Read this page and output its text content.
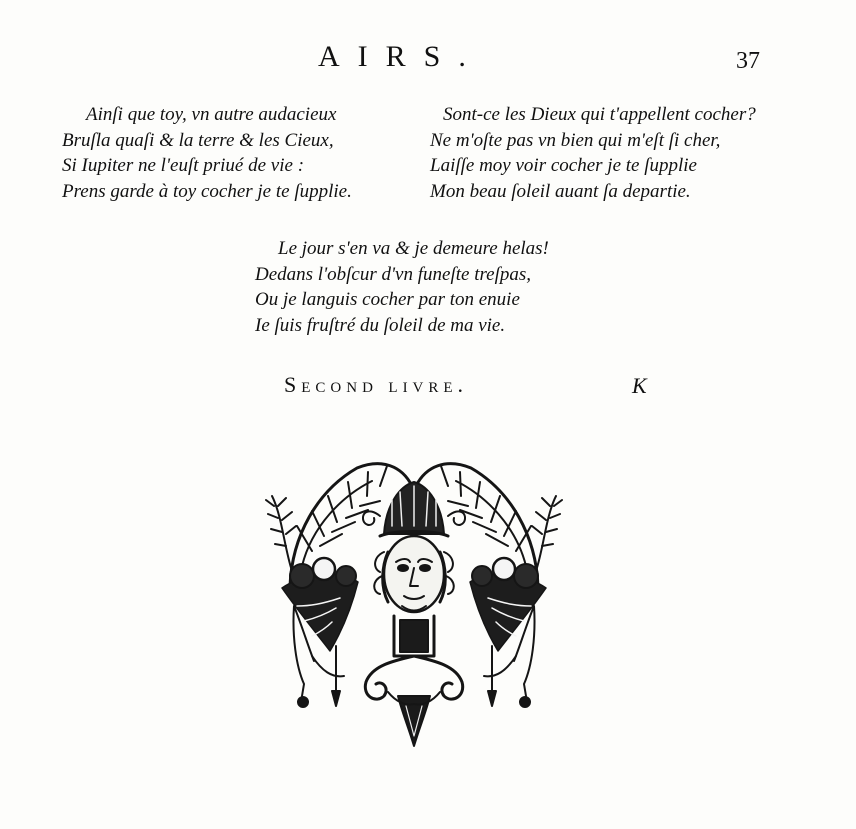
AIRS.	37
Ainſi que toy, vn autre audacieux
Bruſla quaſi & la terre & les Cieux,
Si Iupiter ne l'euſt priué de vie :
Prens garde à toy cocher je te ſupplie.
Sont-ce les Dieux qui t'appellent cocher?
Ne m'oſte pas vn bien qui m'eſt ſi cher,
Laiſſe moy voir cocher je te ſupplie
Mon beau ſoleil auant ſa departie.
Le jour s'en va & je demeure helas!
Dedans l'obſcur d'vn funeſte treſpas,
Ou je languis cocher par ton enuie
Ie ſuis fruſtré du ſoleil de ma vie.
Second livre.	K
